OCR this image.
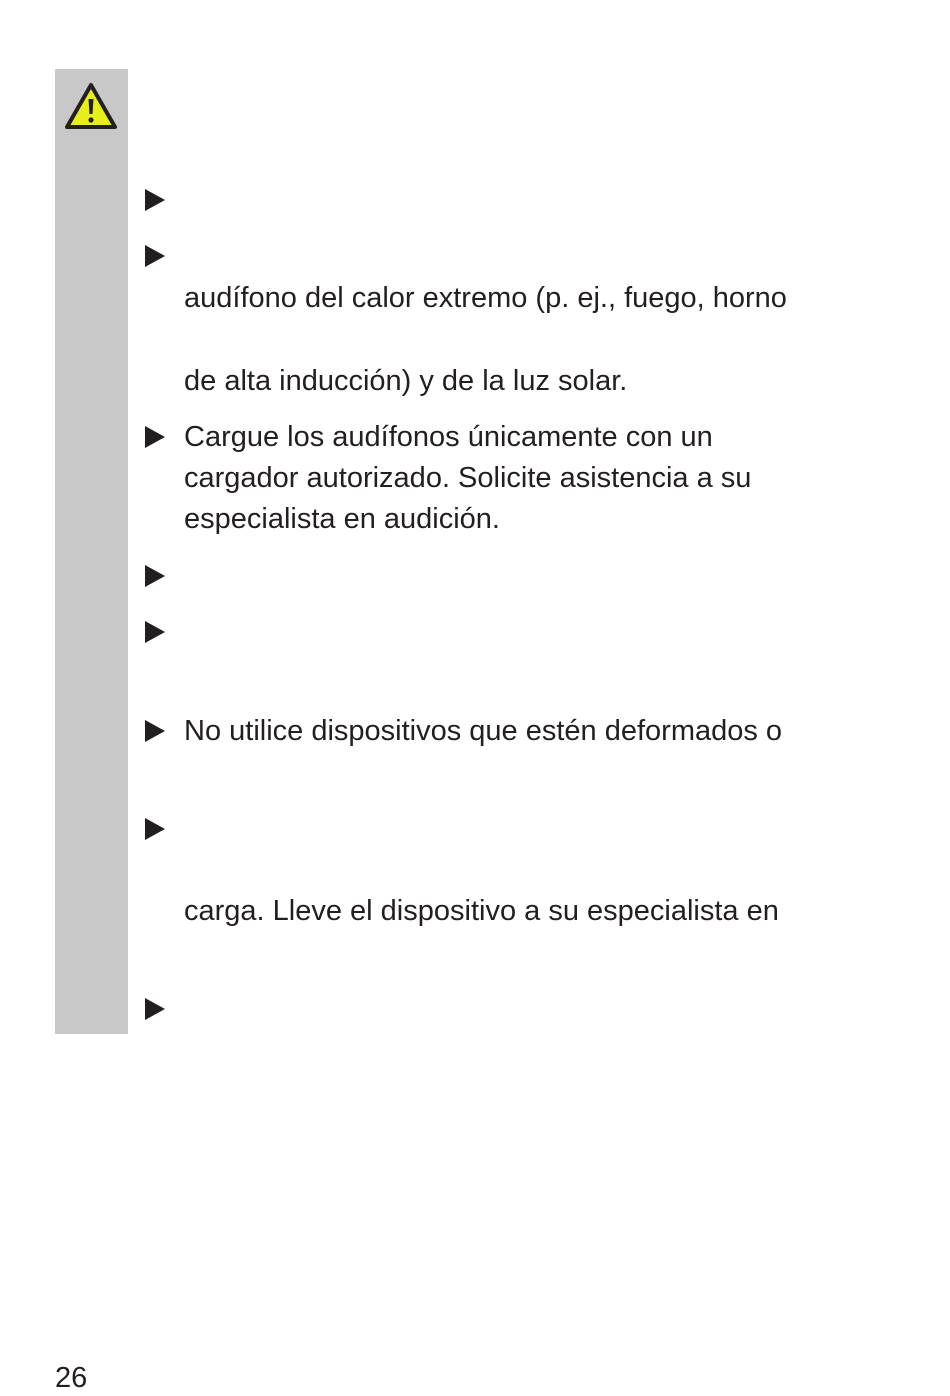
audífono del calor extremo (p. ej., fuego, horno
de alta inducción) y de la luz solar.
Cargue los audífonos únicamente con un
cargador autorizado. Solicite asistencia a su
especialista en audición.
No utilice dispositivos que estén deformados o
carga. Lleve el dispositivo a su especialista en
26
